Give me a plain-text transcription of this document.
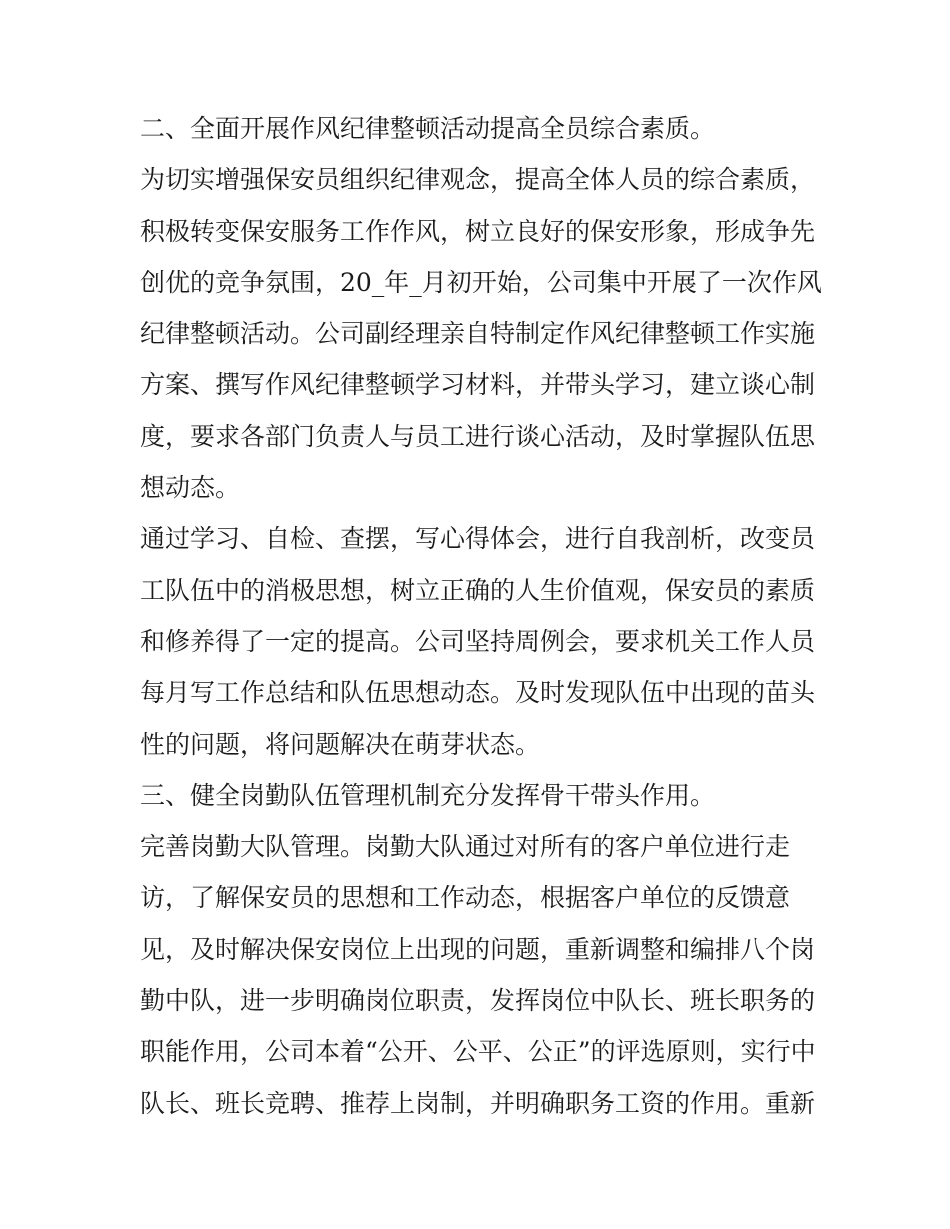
二、全面开展作风纪律整顿活动提高全员综合素质。
为切实增强保安员组织纪律观念，提高全体人员的综合素质，
积极转变保安服务工作作风，树立良好的保安形象，形成争先
创优的竞争氛围，20_年_月初开始，公司集中开展了一次作风
纪律整顿活动。公司副经理亲自特制定作风纪律整顿工作实施
方案、撰写作风纪律整顿学习材料，并带头学习，建立谈心制
度，要求各部门负责人与员工进行谈心活动，及时掌握队伍思
想动态。
通过学习、自检、查摆，写心得体会，进行自我剖析，改变员
工队伍中的消极思想，树立正确的人生价值观，保安员的素质
和修养得了一定的提高。公司坚持周例会，要求机关工作人员
每月写工作总结和队伍思想动态。及时发现队伍中出现的苗头
性的问题，将问题解决在萌芽状态。
三、健全岗勤队伍管理机制充分发挥骨干带头作用。
完善岗勤大队管理。岗勤大队通过对所有的客户单位进行走
访，了解保安员的思想和工作动态，根据客户单位的反馈意
见，及时解决保安岗位上出现的问题，重新调整和编排八个岗
勤中队，进一步明确岗位职责，发挥岗位中队长、班长职务的
职能作用，公司本着“公开、公平、公正”的评选原则，实行中
队长、班长竞聘、推荐上岗制，并明确职务工资的作用。重新
